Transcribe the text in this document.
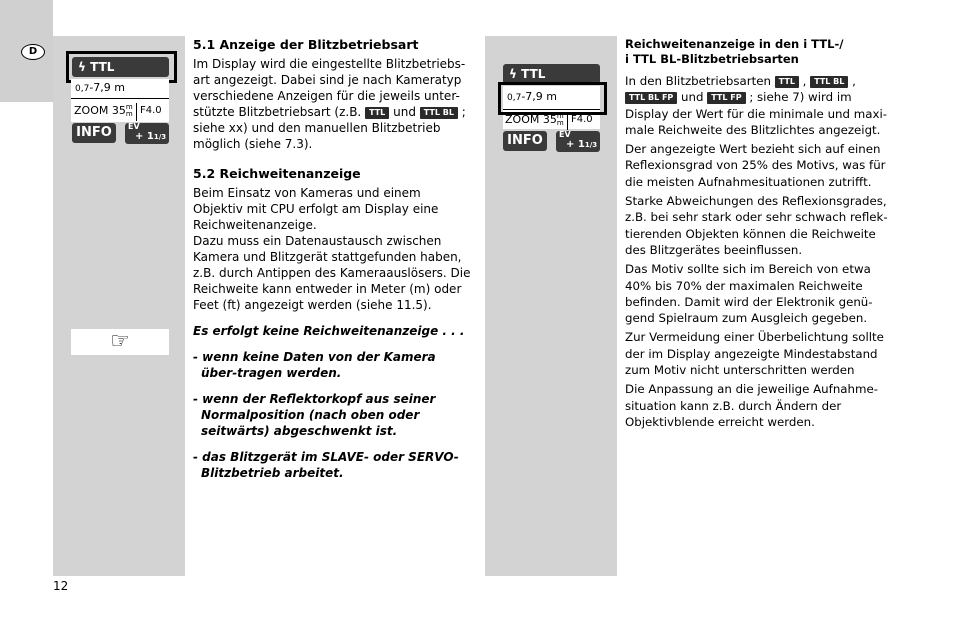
D
ϟ TTL
0,7-7,9 m
ZOOM 35m
m F4.0
INFO	EV
+ 11/3
☞
5.1 Anzeige der Blitzbetriebsart

Im Display wird die eingestellte Blitzbetriebs-art angezeigt. Dabei sind je nach Kameratyp verschiedene Anzeigen für die jeweils unter-stützte Blitzbetriebsart (z.B. TTL und TTL BL ; siehe xx) und den manuellen Blitzbetrieb möglich (siehe 7.3).

5.2 Reichweitenanzeige

Beim Einsatz von Kameras und einem Objektiv mit CPU erfolgt am Display eine Reichweitenanzeige.

Dazu muss ein Datenaustausch zwischen Kamera und Blitzgerät stattgefunden haben, z.B. durch Antippen des Kameraauslösers. Die Reichweite kann entweder in Meter (m) oder Feet (ft) angezeigt werden (siehe 11.5).

Es erfolgt keine Reichweitenanzeige . . .

- wenn keine Daten von der Kamera über-tragen werden.

- wenn der Reflektorkopf aus seiner Normalposition (nach oben oder seitwärts) abgeschwenkt ist.

- das Blitzgerät im SLAVE- oder SERVO-Blitzbetrieb arbeitet.

ϟ TTL
0,7-7,9 m
ZOOM 35m
m F4.0
INFO	EV
+ 11/3

Reichweitenanzeige in den i TTL-/
i TTL BL-Blitzbetriebsarten

In den Blitzbetriebsarten TTL , TTL BL , TTL BL FP und TTL FP ; siehe 7) wird im Display der Wert für die minimale und maxi-male Reichweite des Blitzlichtes angezeigt.

Der angezeigte Wert bezieht sich auf einen Reflexionsgrad von 25% des Motivs, was für die meisten Aufnahmesituationen zutrifft.

Starke Abweichungen des Reflexionsgrades, z.B. bei sehr stark oder sehr schwach reflek-tierenden Objekten können die Reichweite des Blitzgerätes beeinflussen.

Das Motiv sollte sich im Bereich von etwa 40% bis 70% der maximalen Reichweite befinden. Damit wird der Elektronik genü-gend Spielraum zum Ausgleich gegeben.

Zur Vermeidung einer Überbelichtung sollte der im Display angezeigte Mindestabstand zum Motiv nicht unterschritten werden

Die Anpassung an die jeweilige Aufnahme-situation kann z.B. durch Ändern der Objektivblende erreicht werden.

12
